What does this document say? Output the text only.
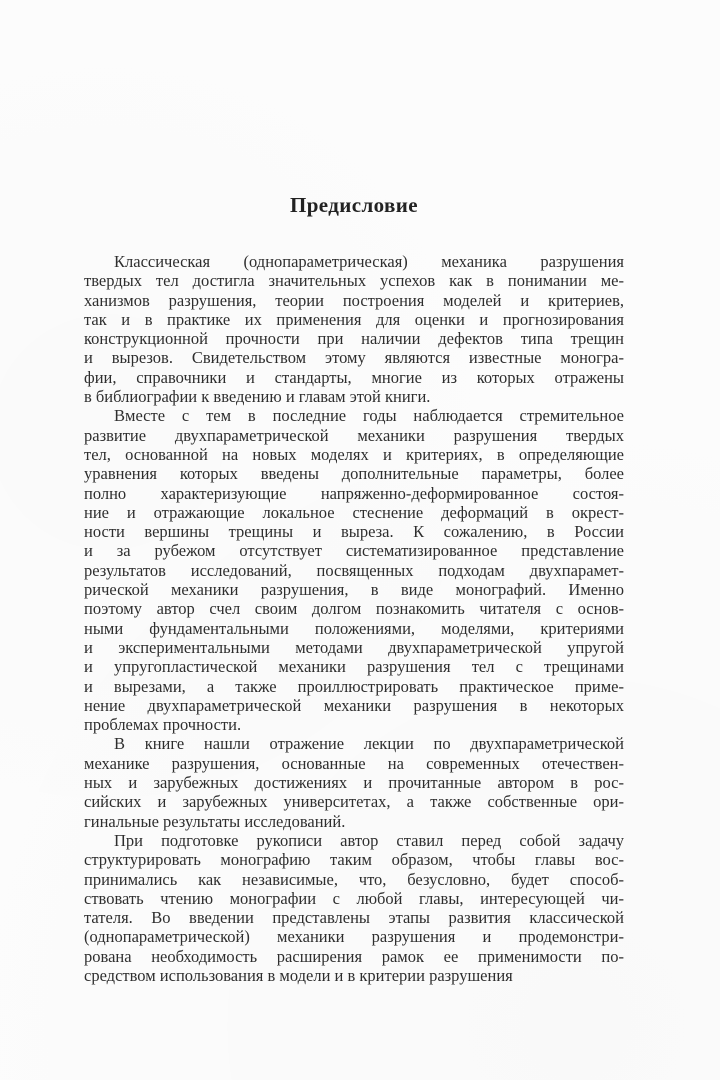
Предисловие
Классическая (однопараметрическая) механика разрушения
твердых тел достигла значительных успехов как в понимании ме-
ханизмов разрушения, теории построения моделей и критериев,
так и в практике их применения для оценки и прогнозирования
конструкционной прочности при наличии дефектов типа трещин
и вырезов. Свидетельством этому являются известные моногра-
фии, справочники и стандарты, многие из которых отражены
в библиографии к введению и главам этой книги.
Вместе с тем в последние годы наблюдается стремительное
развитие двухпараметрической механики разрушения твердых
тел, основанной на новых моделях и критериях, в определяющие
уравнения которых введены дополнительные параметры, более
полно характеризующие напряженно-деформированное состоя-
ние и отражающие локальное стеснение деформаций в окрест-
ности вершины трещины и выреза. К сожалению, в России
и за рубежом отсутствует систематизированное представление
результатов исследований, посвященных подходам двухпарамет-
рической механики разрушения, в виде монографий. Именно
поэтому автор счел своим долгом познакомить читателя с основ-
ными фундаментальными положениями, моделями, критериями
и экспериментальными методами двухпараметрической упругой
и упругопластической механики разрушения тел с трещинами
и вырезами, а также проиллюстрировать практическое приме-
нение двухпараметрической механики разрушения в некоторых
проблемах прочности.
В книге нашли отражение лекции по двухпараметрической
механике разрушения, основанные на современных отечествен-
ных и зарубежных достижениях и прочитанные автором в рос-
сийских и зарубежных университетах, а также собственные ори-
гинальные результаты исследований.
При подготовке рукописи автор ставил перед собой задачу
структурировать монографию таким образом, чтобы главы вос-
принимались как независимые, что, безусловно, будет способ-
ствовать чтению монографии с любой главы, интересующей чи-
тателя. Во введении представлены этапы развития классической
(однопараметрической) механики разрушения и продемонстри-
рована необходимость расширения рамок ее применимости по-
средством использования в модели и в критерии разрушения
